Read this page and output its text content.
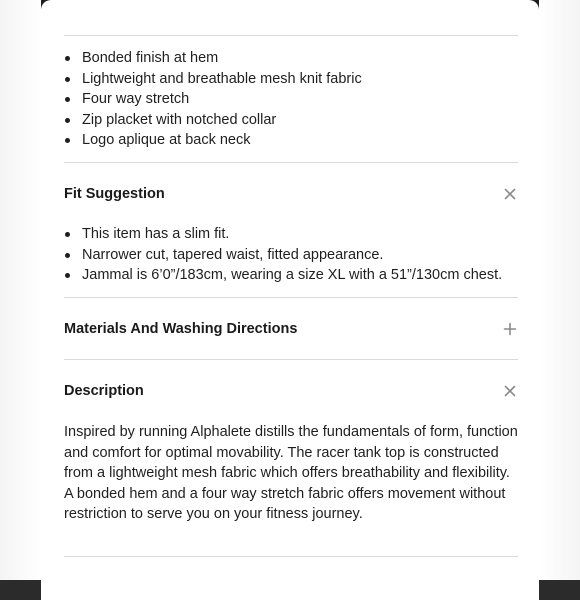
Bonded finish at hem
Lightweight and breathable mesh knit fabric
Four way stretch
Zip placket with notched collar
Logo aplique at back neck
Fit Suggestion
This item has a slim fit.
Narrower cut, tapered waist, fitted appearance.
Jammal is 6’0”/183cm, wearing a size XL with a 51”/130cm chest.
Materials And Washing Directions
Description

Inspired by running Alphalete distills the fundamentals of form, function and comfort for optimal movability. The racer tank top is constructed from a lightweight mesh fabric which offers breathability and flexibility. A bonded hem and a four way stretch fabric offers movement without restriction to serve you on your fitness journey.
